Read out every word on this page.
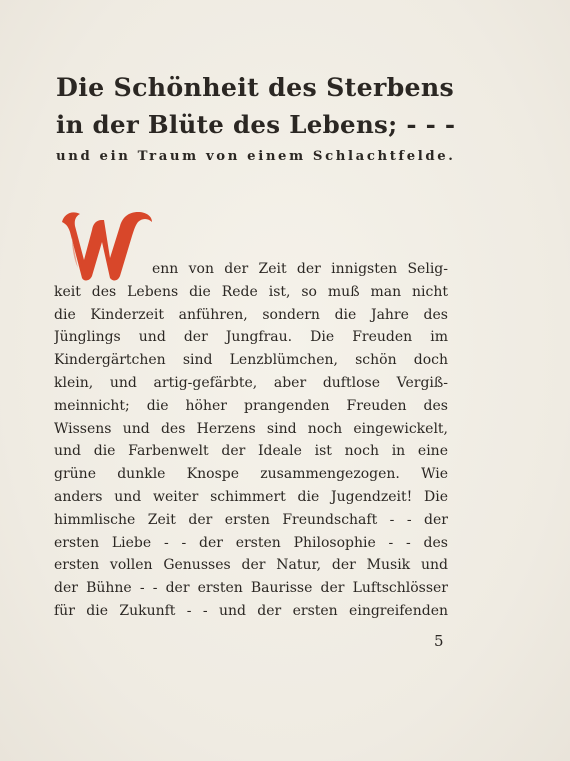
Die Schönheit des Sterbens
in der Blüte des Lebens; - - -
und ein Traum von einem Schlachtfelde.
enn von der Zeit der innigsten Selig-
keit des Lebens die Rede ist, so muß man nicht
die Kinderzeit anführen, sondern die Jahre des
Jünglings und der Jungfrau. Die Freuden im
Kindergärtchen sind Lenzblümchen, schön doch
klein, und artig-gefärbte, aber duftlose Vergiß-
meinnicht; die höher prangenden Freuden des
Wissens und des Herzens sind noch eingewickelt,
und die Farbenwelt der Ideale ist noch in eine
grüne dunkle Knospe zusammengezogen. Wie
anders und weiter schimmert die Jugendzeit! Die
himmlische Zeit der ersten Freundschaft - - der
ersten Liebe - - der ersten Philosophie - - des
ersten vollen Genusses der Natur, der Musik und
der Bühne - - der ersten Baurisse der Luftschlösser
für die Zukunft - - und der ersten eingreifenden
5
